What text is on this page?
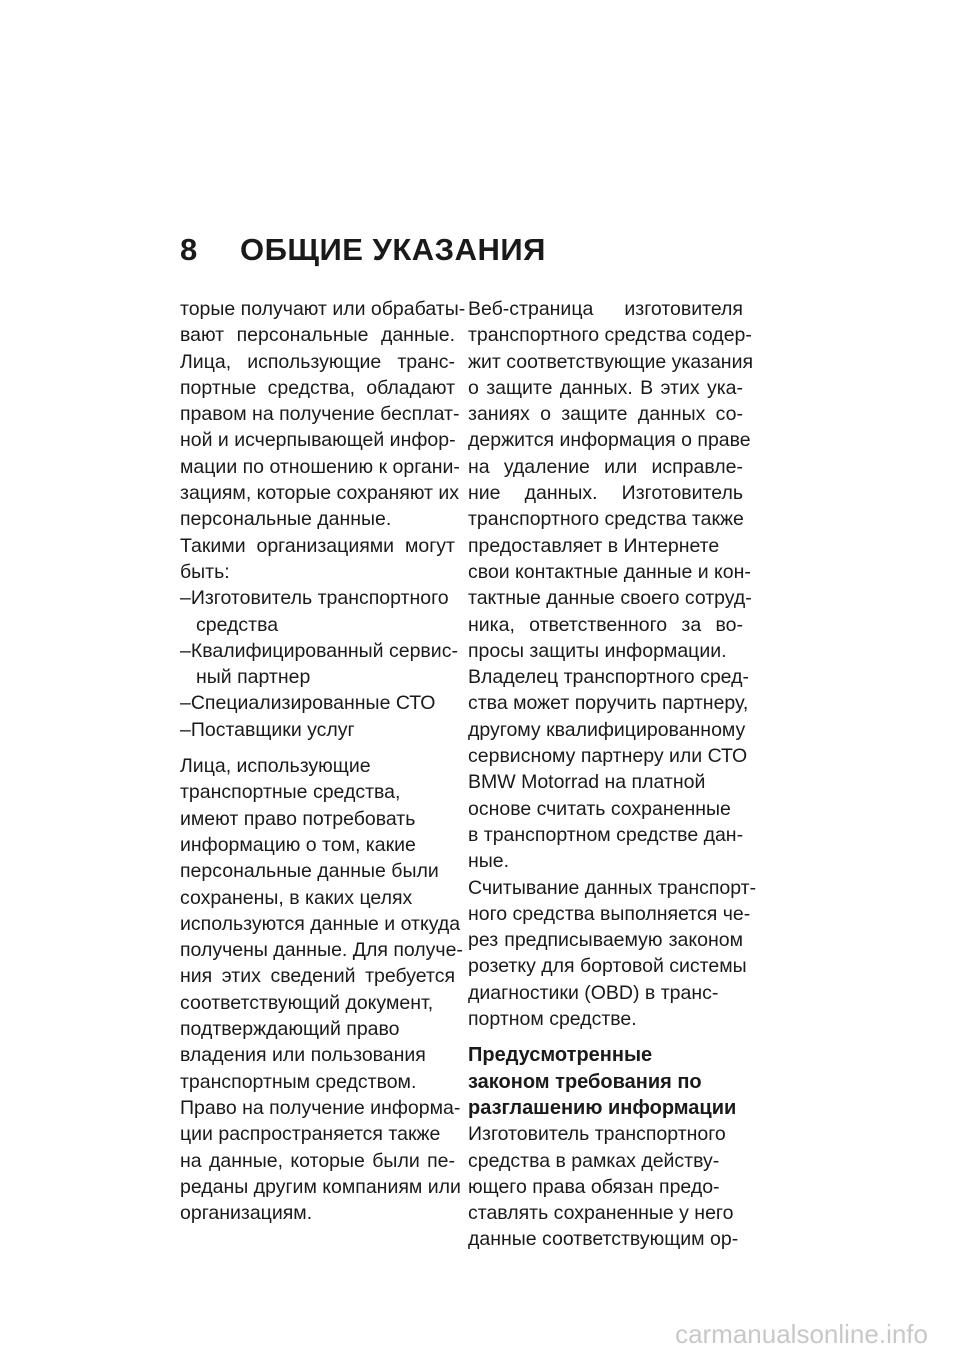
8 ОБЩИЕ УКАЗАНИЯ
торые получают или обрабаты-
вают персональные данные.
Лица, использующие транс-
портные средства, обладают
правом на получение бесплат-
ной и исчерпывающей инфор-
мации по отношению к органи-
зациям, которые сохраняют их
персональные данные.
Такими организациями могут
быть:
–Изготовитель транспортного
средства
–Квалифицированный сервис-
ный партнер
–Специализированные СТО
–Поставщики услуг
Лица, использующие
транспортные средства,
имеют право потребовать
информацию о том, какие
персональные данные были
сохранены, в каких целях
используются данные и откуда
получены данные. Для получе-
ния этих сведений требуется
соответствующий документ,
подтверждающий право
владения или пользования
транспортным средством.
Право на получение информа-
ции распространяется также
на данные, которые были пе-
реданы другим компаниям или
организациям.
Веб-страница изготовителя
транспортного средства содер-
жит соответствующие указания
о защите данных. В этих ука-
заниях о защите данных со-
держится информация о праве
на удаление или исправле-
ние данных. Изготовитель
транспортного средства также
предоставляет в Интернете
свои контактные данные и кон-
тактные данные своего сотруд-
ника, ответственного за во-
просы защиты информации.
Владелец транспортного сред-
ства может поручить партнеру,
другому квалифицированному
сервисному партнеру или СТО
BMW Motorrad на платной
основе считать сохраненные
в транспортном средстве дан-
ные.
Считывание данных транспорт-
ного средства выполняется че-
рез предписываемую законом
розетку для бортовой системы
диагностики (OBD) в транс-
портном средстве.
Предусмотренные
законом требования по
разглашению информации
Изготовитель транспортного
средства в рамках действу-
ющего права обязан предо-
ставлять сохраненные у него
данные соответствующим ор-
carmanualsonline.info
